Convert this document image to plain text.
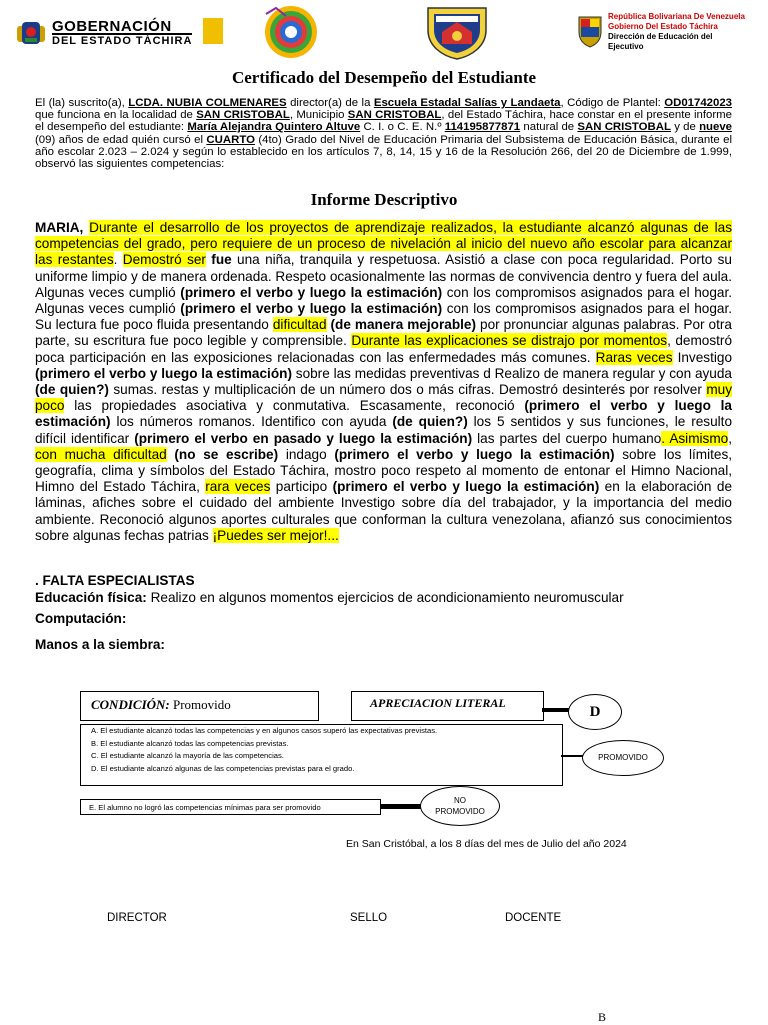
GOBERNACIÓN
DEL ESTADO TÁCHIRA
República Bolivariana De Venezuela
Gobierno Del Estado Táchira
Dirección de Educación del Ejecutivo
Certificado del Desempeño del Estudiante
El (la) suscrito(a), LCDA. NUBIA COLMENARES director(a) de la Escuela Estadal Salías y Landaeta, Código de Plantel: OD01742023 que funciona en la localidad de SAN CRISTOBAL, Municipio SAN CRISTOBAL, del Estado Táchira, hace constar en el presente informe el desempeño del estudiante: María Alejandra Quintero Altuve C. I. o C. E. N.º 114195877871 natural de SAN CRISTOBAL y de nueve (09) años de edad quién cursó el CUARTO (4to) Grado del Nivel de Educación Primaria del Subsistema de Educación Básica, durante el año escolar 2.023 – 2.024 y según lo establecido en los artículos 7, 8, 14, 15 y 16 de la Resolución 266, del 20 de Diciembre de 1.999, observó las siguientes competencias:
Informe Descriptivo
MARIA, Durante el desarrollo de los proyectos de aprendizaje realizados, la estudiante alcanzó algunas de las competencias del grado, pero requiere de un proceso de nivelación al inicio del nuevo año escolar para alcanzar las restantes. Demostró ser fue una niña, tranquila y respetuosa. Asistió a clase con poca regularidad. Porto su uniforme limpio y de manera ordenada. Respeto ocasionalmente las normas de convivencia dentro y fuera del aula. Algunas veces cumplió (primero el verbo y luego la estimación) con los compromisos asignados para el hogar. Algunas veces cumplió (primero el verbo y luego la estimación) con los compromisos asignados para el hogar. Su lectura fue poco fluida presentando dificultad (de manera mejorable) por pronunciar algunas palabras. Por otra parte, su escritura fue poco legible y comprensible. Durante las explicaciones se distrajo por momentos, demostró poca participación en las exposiciones relacionadas con las enfermedades más comunes. Raras veces Investigo (primero el verbo y luego la estimación) sobre las medidas preventivas d Realizo de manera regular y con ayuda (de quien?) sumas. restas y multiplicación de un número dos o más cifras. Demostró desinterés por resolver muy poco las propiedades asociativa y conmutativa. Escasamente, reconoció (primero el verbo y luego la estimación) los números romanos. Identifico con ayuda (de quien?) los 5 sentidos y sus funciones, le resulto difícil identificar (primero el verbo en pasado y luego la estimación) las partes del cuerpo humano. Asimismo, con mucha dificultad (no se escribe) indago (primero el verbo y luego la estimación) sobre los límites, geografía, clima y símbolos del Estado Táchira, mostro poco respeto al momento de entonar el Himno Nacional, Himno del Estado Táchira, rara veces participo (primero el verbo y luego la estimación) en la elaboración de láminas, afiches sobre el cuidado del ambiente Investigo sobre día del trabajador, y la importancia del medio ambiente. Reconoció algunos aportes culturales que conforman la cultura venezolana, afianzó sus conocimientos sobre algunas fechas patrias ¡Puedes ser mejor!...
. FALTA ESPECIALISTAS
Educación física: Realizo en algunos momentos ejercicios de acondicionamiento neuromuscular
Computación:
Manos a la siembra:
CONDICIÓN: Promovido	APRECIACION LITERAL
D
A. El estudiante alcanzó todas las competencias y en algunos casos superó las expectativas previstas.
B. El estudiante alcanzó todas las competencias previstas.
C. El estudiante alcanzó la mayoría de las competencias.
D. El estudiante alcanzó algunas de las competencias previstas para el grado.
PROMOVIDO
E. El alumno no logró las competencias mínimas para ser promovido
NO
PROMOVIDO
En San Cristóbal, a los 8 días del mes de Julio del año 2024
DIRECTOR	SELLO	DOCENTE
B
